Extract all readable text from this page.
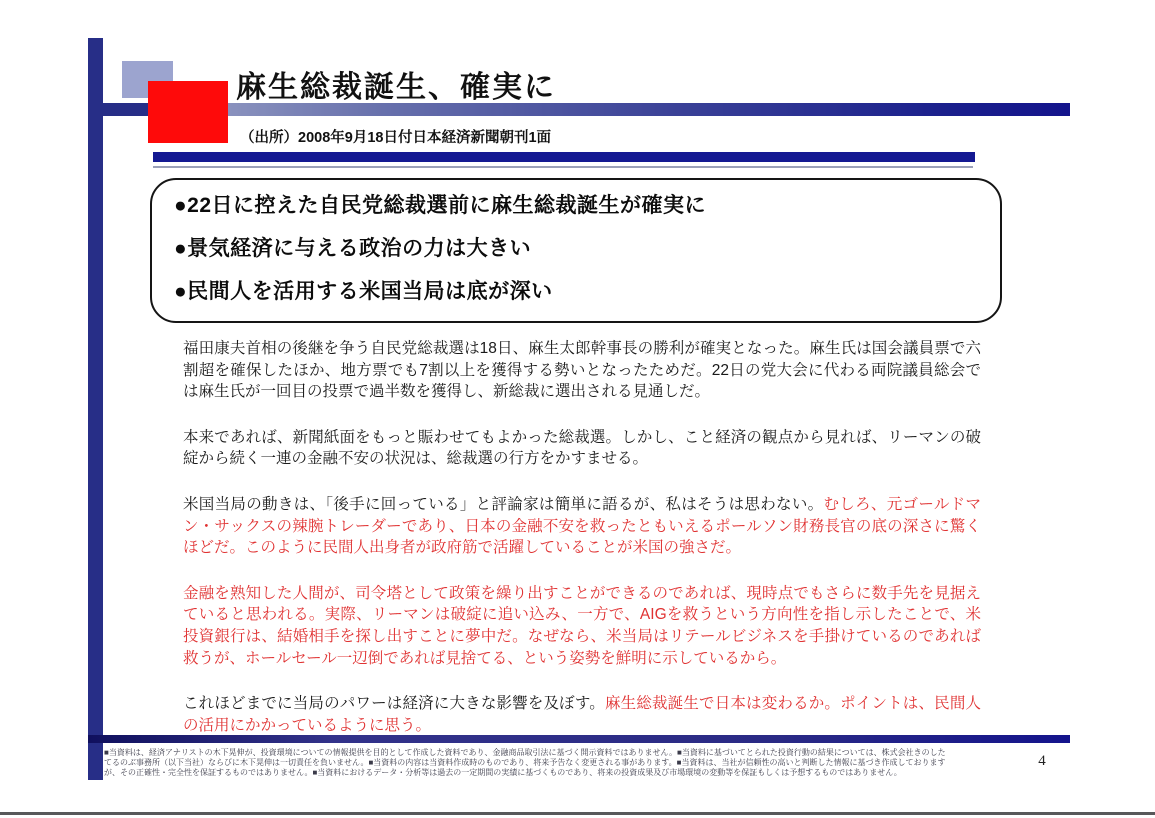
麻生総裁誕生、確実に
（出所）2008年9月18日付日本経済新聞朝刊1面
●22日に控えた自民党総裁選前に麻生総裁誕生が確実に
●景気経済に与える政治の力は大きい
●民間人を活用する米国当局は底が深い

福田康夫首相の後継を争う自民党総裁選は18日、麻生太郎幹事長の勝利が確実となった。麻生氏は国会議員票で六割超を確保したほか、地方票でも7割以上を獲得する勢いとなったためだ。22日の党大会に代わる両院議員総会では麻生氏が一回目の投票で過半数を獲得し、新総裁に選出される見通しだ。

本来であれば、新聞紙面をもっと賑わせてもよかった総裁選。しかし、こと経済の観点から見れば、リーマンの破綻から続く一連の金融不安の状況は、総裁選の行方をかすませる。

米国当局の動きは、「後手に回っている」と評論家は簡単に語るが、私はそうは思わない。むしろ、元ゴールドマン・サックスの辣腕トレーダーであり、日本の金融不安を救ったともいえるポールソン財務長官の底の深さに驚くほどだ。このように民間人出身者が政府筋で活躍していることが米国の強さだ。

金融を熟知した人間が、司令塔として政策を繰り出すことができるのであれば、現時点でもさらに数手先を見据えていると思われる。実際、リーマンは破綻に追い込み、一方で、AIGを救うという方向性を指し示したことで、米投資銀行は、結婚相手を探し出すことに夢中だ。なぜなら、米当局はリテールビジネスを手掛けているのであれば救うが、ホールセール一辺倒であれば見捨てる、という姿勢を鮮明に示しているから。

これほどまでに当局のパワーは経済に大きな影響を及ぼす。麻生総裁誕生で日本は変わるか。ポイントは、民間人の活用にかかっているように思う。

■当資料は、経済アナリストの木下晃伸が、投資環境についての情報提供を目的として作成した資料であり、金融商品取引法に基づく開示資料ではありません。■当資料に基づいてとられた投資行動の結果については、株式会社きのした
てるのぶ事務所（以下当社）ならびに木下晃伸は一切責任を負いません。■当資料の内容は当資料作成時のものであり、将来予告なく変更される事があります。■当資料は、当社が信頼性の高いと判断した情報に基づき作成しております
が、その正確性・完全性を保証するものではありません。■当資料におけるデータ・分析等は過去の一定期間の実績に基づくものであり、将来の投資成果及び市場環境の変動等を保証もしくは予想するものではありません。
4
